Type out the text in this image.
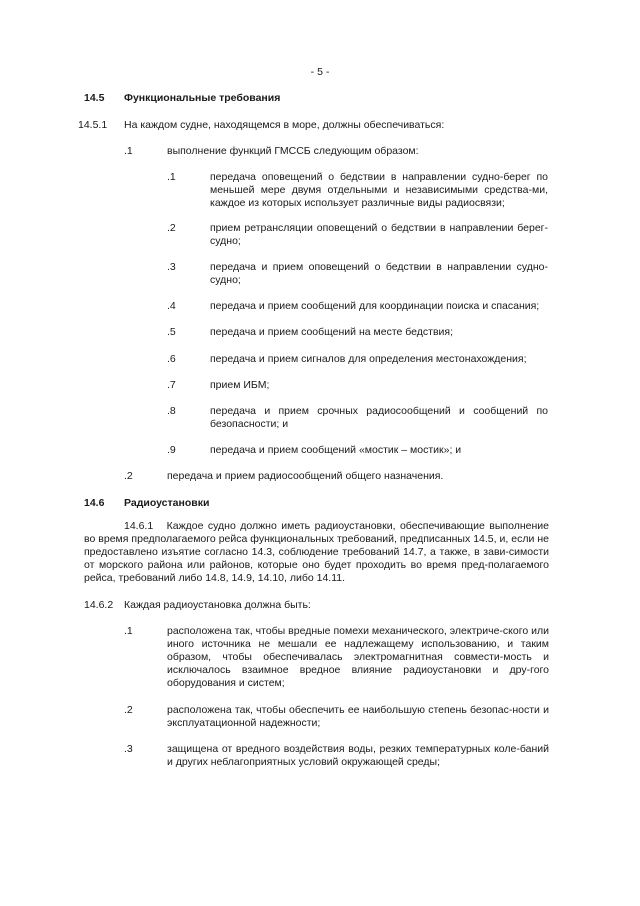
- 5 -
14.5 Функциональные требования
14.5.1 На каждом судне, находящемся в море, должны обеспечиваться:
.1	выполнение функций ГМССБ следующим образом:
.1	передача оповещений о бедствии в направлении судно-берег по меньшей мере двумя отдельными и независимыми средства-ми, каждое из которых использует различные виды радиосвязи;
.2	прием ретрансляции оповещений о бедствии в направлении берег-судно;
.3	передача и прием оповещений о бедствии в направлении судно-судно;
.4	передача и прием сообщений для координации поиска и спасания;
.5	передача и прием сообщений на месте бедствия;
.6	передача и прием сигналов для определения местонахождения;
.7	прием ИБМ;
.8	передача и прием срочных радиосообщений и сообщений по безопасности; и
.9	передача и прием сообщений «мостик – мостик»; и
.2	передача и прием радиосообщений общего назначения.
14.6 Радиоустановки
14.6.1 Каждое судно должно иметь радиоустановки, обеспечивающие выполнение во время предполагаемого рейса функциональных требований, предписанных 14.5, и, если не предоставлено изъятие согласно 14.3, соблюдение требований 14.7, а также, в зави-симости от морского района или районов, которые оно будет проходить во время пред-полагаемого рейса, требований либо 14.8, 14.9, 14.10, либо 14.11.
14.6.2 Каждая радиоустановка должна быть:
.1	расположена так, чтобы вредные помехи механического, электриче-ского или иного источника не мешали ее надлежащему использованию, и таким образом, чтобы обеспечивалась электромагнитная совмести-мость и исключалось взаимное вредное влияние радиоустановки и дру-гого оборудования и систем;
.2	расположена так, чтобы обеспечить ее наибольшую степень безопас-ности и эксплуатационной надежности;
.3	защищена от вредного воздействия воды, резких температурных коле-баний и других неблагоприятных условий окружающей среды;
